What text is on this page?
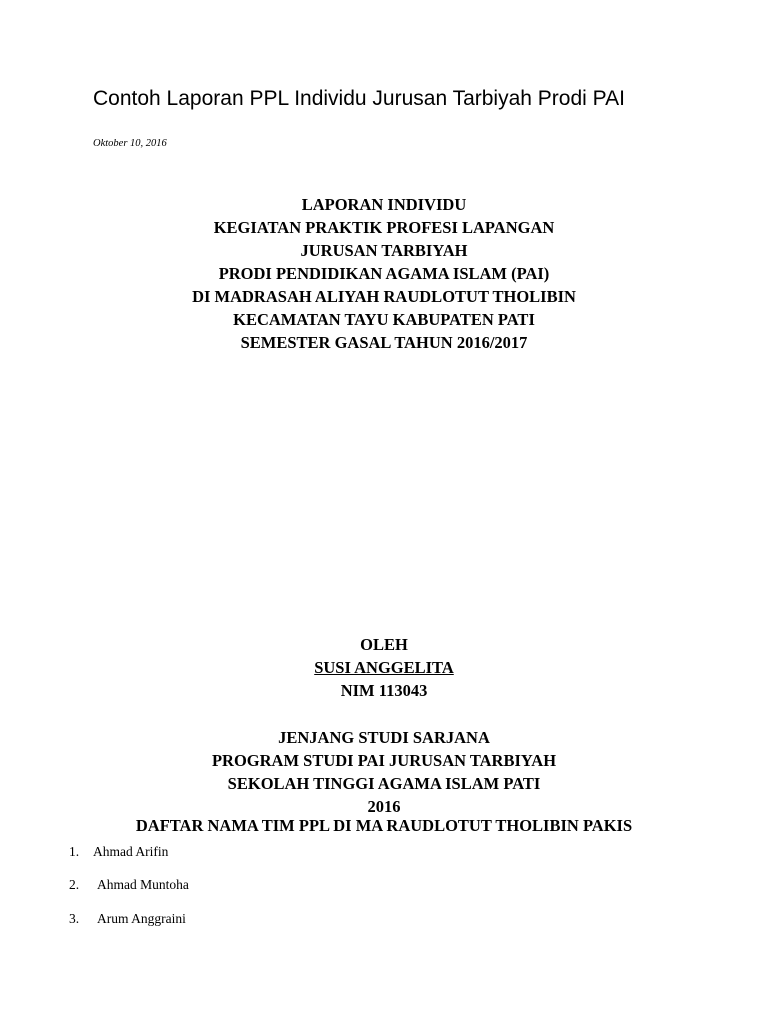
Contoh Laporan PPL Individu Jurusan Tarbiyah Prodi PAI
Oktober 10, 2016
LAPORAN INDIVIDU
KEGIATAN PRAKTIK PROFESI LAPANGAN
JURUSAN TARBIYAH
PRODI PENDIDIKAN AGAMA ISLAM (PAI)
DI MADRASAH ALIYAH RAUDLOTUT THOLIBIN
KECAMATAN TAYU KABUPATEN PATI
SEMESTER GASAL TAHUN 2016/2017
OLEH
SUSI ANGGELITA
NIM 113043
JENJANG STUDI SARJANA
PROGRAM STUDI PAI JURUSAN TARBIYAH
SEKOLAH TINGGI AGAMA ISLAM PATI
2016
DAFTAR NAMA TIM PPL DI MA RAUDLOTUT THOLIBIN PAKIS
1. Ahmad Arifin
2. Ahmad Muntoha
3. Arum Anggraini
